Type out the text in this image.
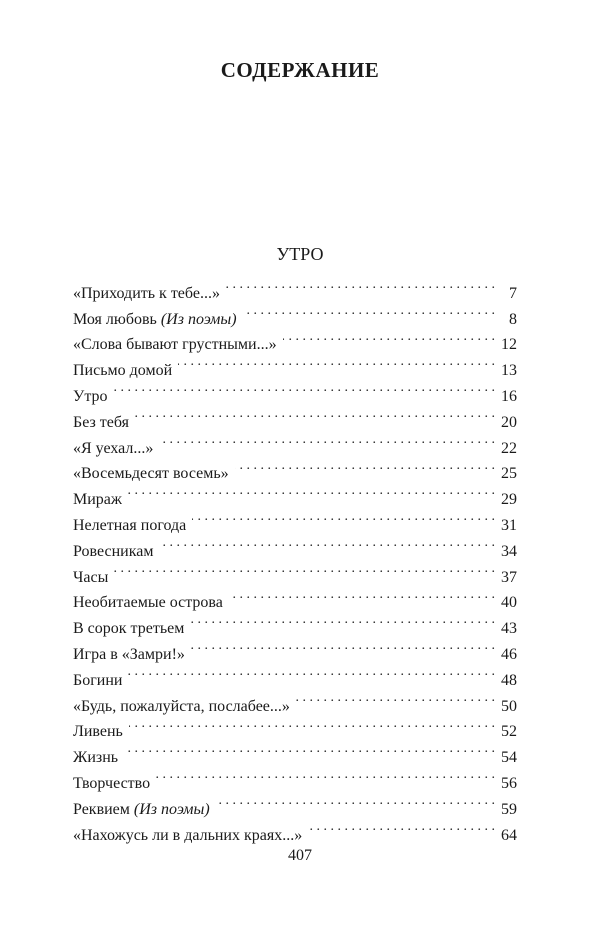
СОДЕРЖАНИЕ
УТРО
«Приходить к тебе...» . . .	7
Моя любовь (Из поэмы) . . .	8
«Слова бывают грустными...» . . .	12
Письмо домой . . .	13
Утро . . .	16
Без тебя . . .	20
«Я уехал...» . . .	22
«Восемьдесят восемь» . . .	25
Мираж . . .	29
Нелетная погода . . .	31
Ровесникам . . .	34
Часы . . .	37
Необитаемые острова . . .	40
В сорок третьем . . .	43
Игра в «Замри!» . . .	46
Богини . . .	48
«Будь, пожалуйста, послабее...» . . .	50
Ливень . . .	52
Жизнь . . .	54
Творчество . . .	56
Реквием (Из поэмы) . . .	59
«Нахожусь ли в дальних краях...» . . .	64
407
